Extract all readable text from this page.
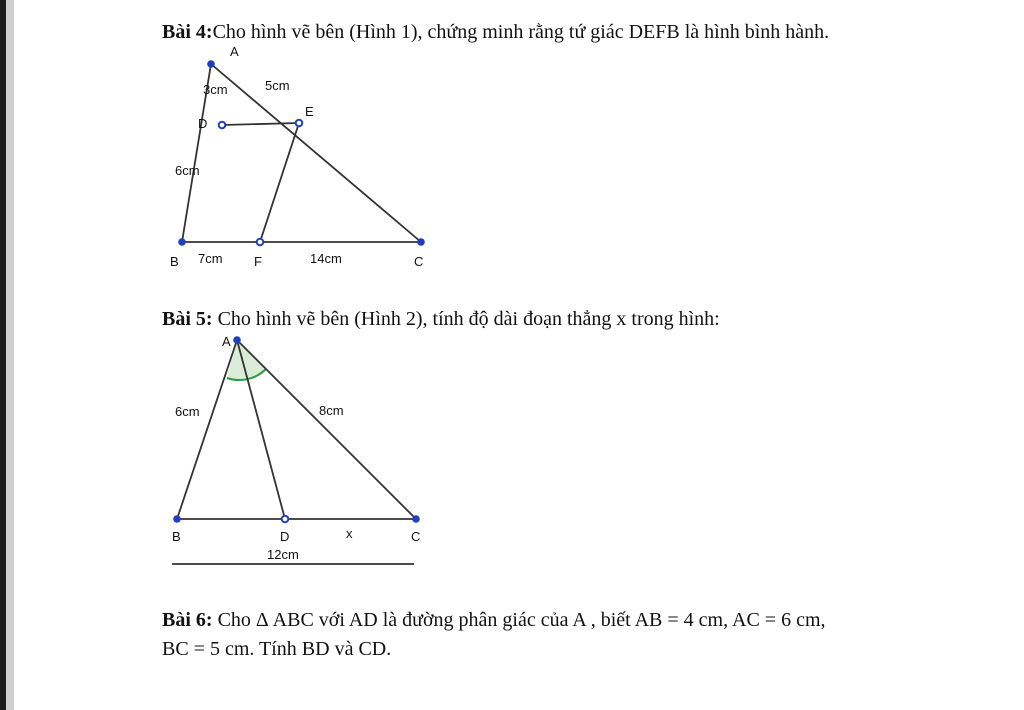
Bài 4:Cho hình vẽ bên (Hình 1), chứng minh rằng tứ giác DEFB là hình bình hành.
Bài 5: Cho hình vẽ bên (Hình 2), tính độ dài đoạn thẳng x trong hình:
Bài 6: Cho Δ ABC với AD là đường phân giác của A , biết AB = 4 cm, AC = 6 cm,
BC = 5 cm. Tính BD và CD.
A
D
E
B	F	C
3cm	5cm
6cm
7cm	14cm
A
B	D	C
6cm	8cm
x
12cm
